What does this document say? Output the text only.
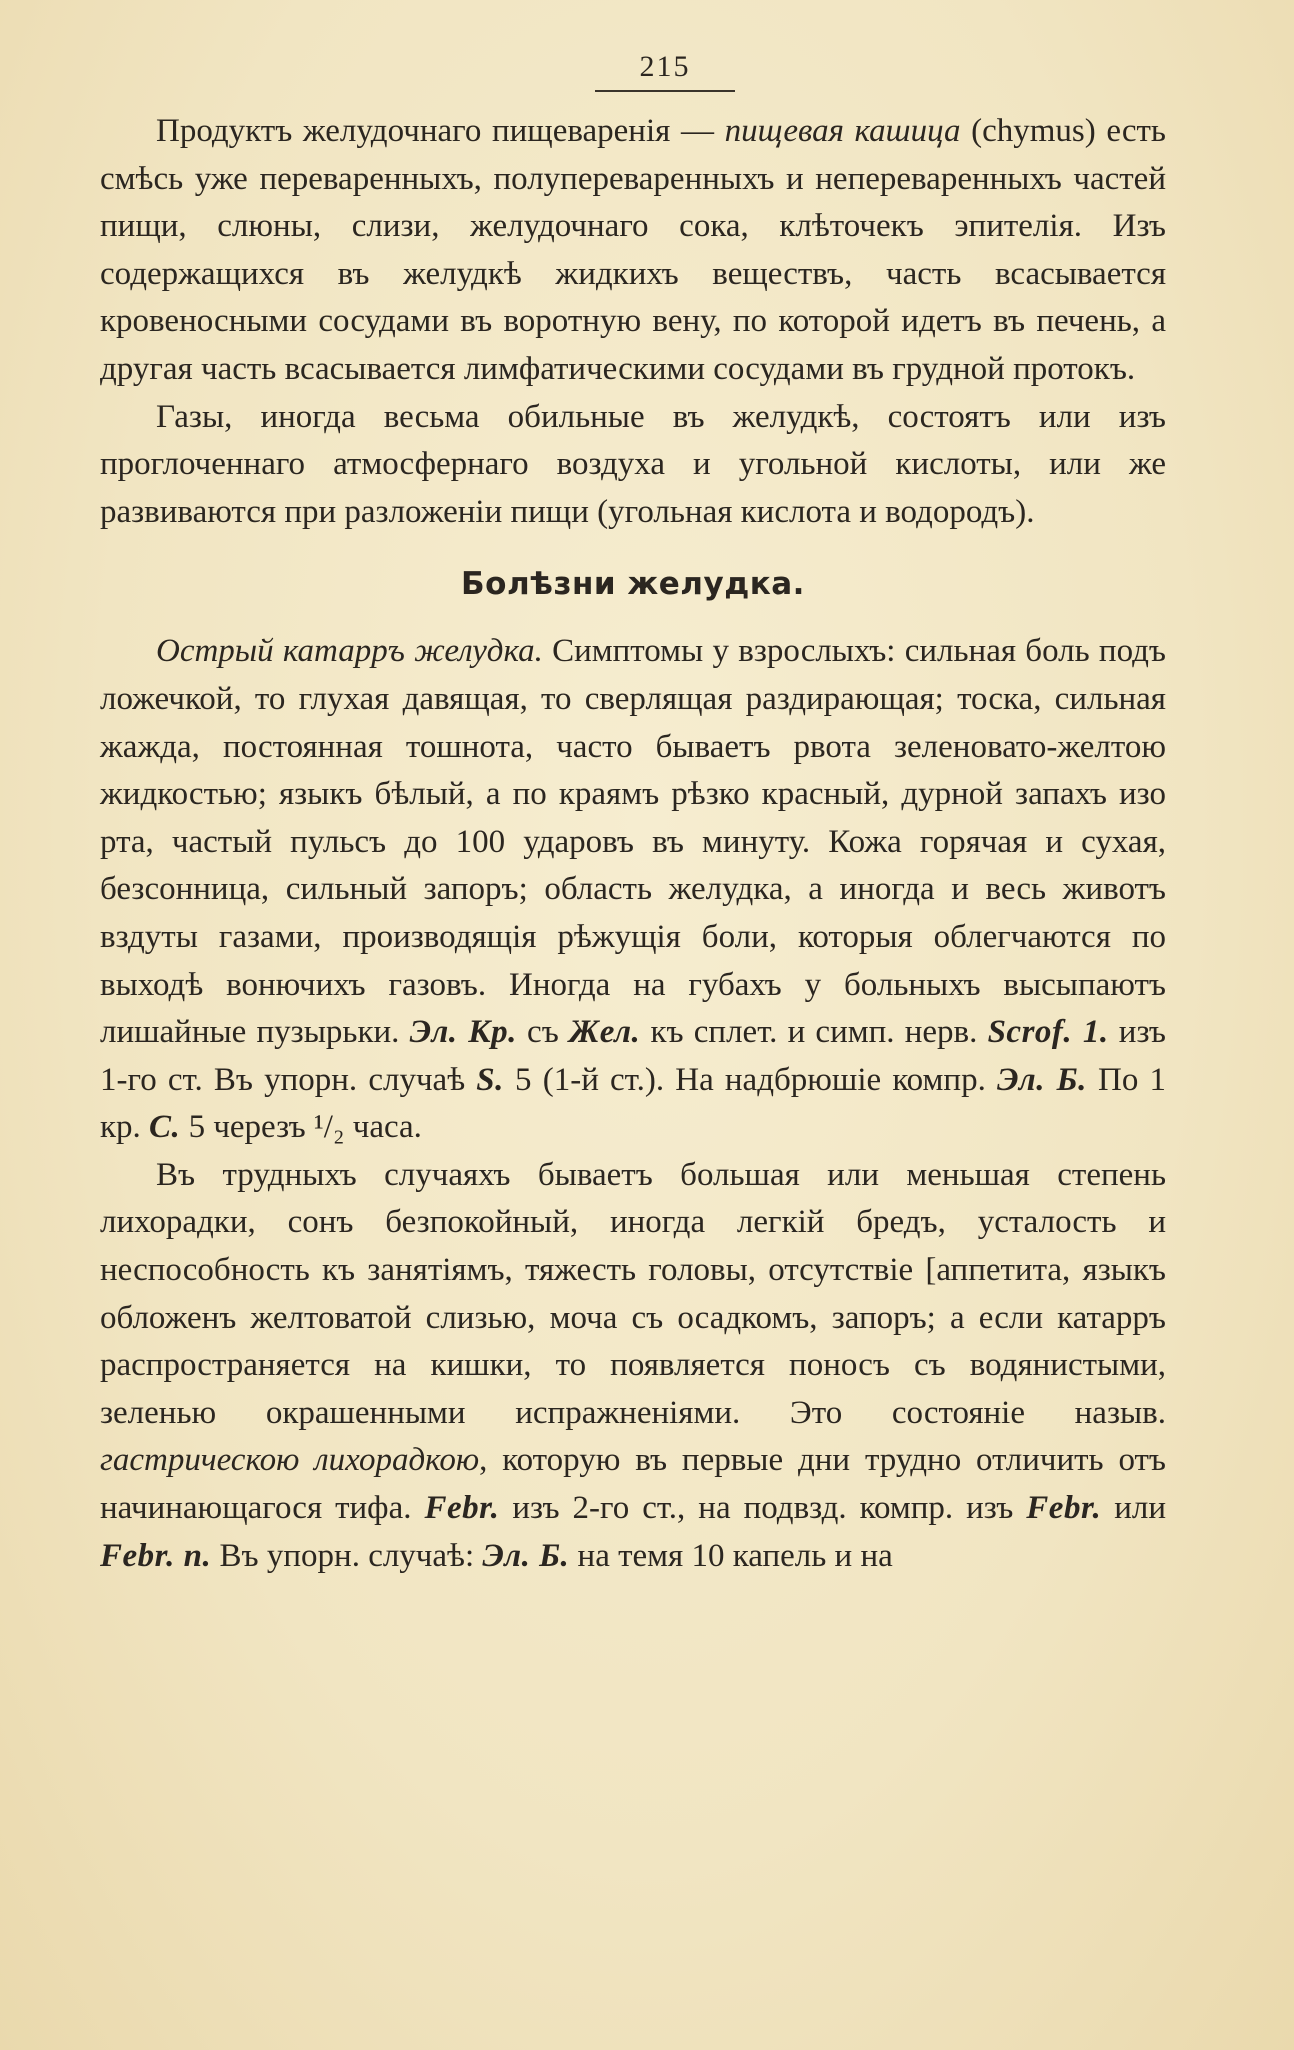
215

Продуктъ желудочнаго пищеваренія — пищевая кашица (chymus) есть смѣсь уже переваренныхъ, полупереваренныхъ и непереваренныхъ частей пищи, слюны, слизи, желудочнаго сока, клѣточекъ эпителія. Изъ содержащихся въ желудкѣ жидкихъ веществъ, часть всасывается кровеносными сосудами въ воротную вену, по которой идетъ въ печень, а другая часть всасывается лимфатическими сосудами въ грудной протокъ.

Газы, иногда весьма обильные въ желудкѣ, состоятъ или изъ проглоченнаго атмосфернаго воздуха и угольной кислоты, или же развиваются при разложеніи пищи (угольная кислота и водородъ).

Болѣзни желудка.

Острый катарръ желудка. Симптомы у взрослыхъ: сильная боль подъ ложечкой, то глухая давящая, то сверлящая раздирающая; тоска, сильная жажда, постоянная тошнота, часто бываетъ рвота зеленовато-желтою жидкостью; языкъ бѣлый, а по краямъ рѣзко красный, дурной запахъ изо рта, частый пульсъ до 100 ударовъ въ минуту. Кожа горячая и сухая, безсонница, сильный запоръ; область желудка, а иногда и весь животъ вздуты газами, производящія рѣжущія боли, которыя облегчаются по выходѣ вонючихъ газовъ. Иногда на губахъ у больныхъ высыпаютъ лишайные пузырьки. Эл. Кр. съ Жел. къ сплет. и симп. нерв. Scrof. 1. изъ 1-го ст. Въ упорн. случаѣ S. 5 (1-й ст.). На надбрюшіе компр. Эл. Б. По 1 кр. С. 5 черезъ ¹/₂ часа.

Въ трудныхъ случаяхъ бываетъ большая или меньшая степень лихорадки, сонъ безпокойный, иногда легкій бредъ, усталость и неспособность къ занятіямъ, тяжесть головы, отсутствіе [аппетита, языкъ обложенъ желтоватой слизью, моча съ осадкомъ, запоръ; а если катарръ распространяется на кишки, то появляется поносъ съ водянистыми, зеленью окрашенными испражненіями. Это состояніе назыв. гастрическою лихорадкою, которую въ первые дни трудно отличить отъ начинающагося тифа. Febr. изъ 2-го ст., на подвзд. компр. изъ Febr. или Febr. n. Въ упорн. случаѣ: Эл. Б. на темя 10 капель и на
